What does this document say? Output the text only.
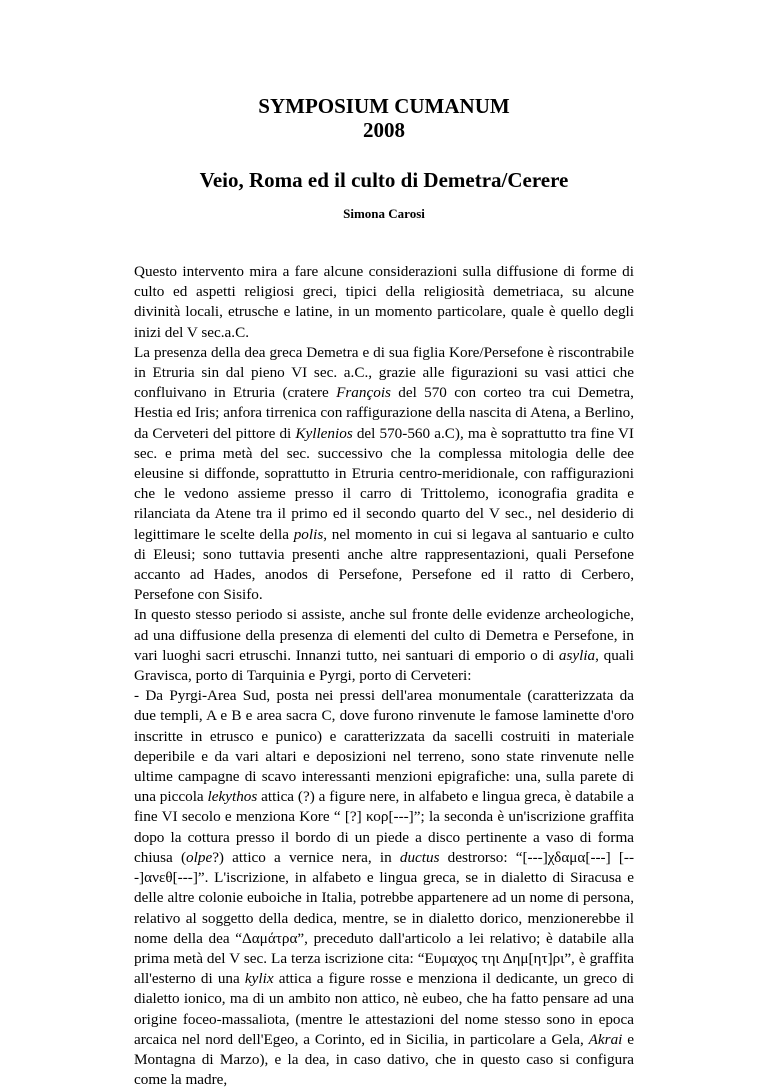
SYMPOSIUM CUMANUM
2008
Veio, Roma ed il culto di Demetra/Cerere
Simona Carosi

Questo intervento mira a fare alcune considerazioni sulla diffusione di forme di culto ed aspetti religiosi greci, tipici della religiosità demetriaca, su alcune divinità locali, etrusche e latine, in un momento particolare, quale è quello degli inizi del V sec.a.C.

La presenza della dea greca Demetra e di sua figlia Kore/Persefone è riscontrabile in Etruria sin dal pieno VI sec. a.C., grazie alle figurazioni su vasi attici che confluivano in Etruria (cratere François del 570 con corteo tra cui Demetra, Hestia ed Iris; anfora tirrenica con raffigurazione della nascita di Atena, a Berlino, da Cerveteri del pittore di Kyllenios del 570-560 a.C), ma è soprattutto tra fine VI sec. e prima metà del sec. successivo che la complessa mitologia delle dee eleusine si diffonde, soprattutto in Etruria centro-meridionale, con raffigurazioni che le vedono assieme presso il carro di Trittolemo, iconografia gradita e rilanciata da Atene tra il primo ed il secondo quarto del V sec., nel desiderio di legittimare le scelte della polis, nel momento in cui si legava al santuario e culto di Eleusi; sono tuttavia presenti anche altre rappresentazioni, quali Persefone accanto ad Hades, anodos di Persefone, Persefone ed il ratto di Cerbero, Persefone con Sisifo.

In questo stesso periodo si assiste, anche sul fronte delle evidenze archeologiche, ad una diffusione della presenza di elementi del culto di Demetra e Persefone, in vari luoghi sacri etruschi. Innanzi tutto, nei santuari di emporio o di asylia, quali Gravisca, porto di Tarquinia e Pyrgi, porto di Cerveteri:

- Da Pyrgi-Area Sud, posta nei pressi dell'area monumentale (caratterizzata da due templi, A e B e area sacra C, dove furono rinvenute le famose laminette d'oro inscritte in etrusco e punico) e caratterizzata da sacelli costruiti in materiale deperibile e da vari altari e deposizioni nel terreno, sono state rinvenute nelle ultime campagne di scavo interessanti menzioni epigrafiche: una, sulla parete di una piccola lekythos attica (?) a figure nere, in alfabeto e lingua greca, è databile a fine VI secolo e menziona Kore “ [?] κορ[---]”; la seconda è un'iscrizione graffita dopo la cottura presso il bordo di un piede a disco pertinente a vaso di forma chiusa (olpe?) attico a vernice nera, in ductus destrorso: “[---]χδαμα[---] [---]ανεθ[---]”. L'iscrizione, in alfabeto e lingua greca, se in dialetto di Siracusa e delle altre colonie euboiche in Italia, potrebbe appartenere ad un nome di persona, relativo al soggetto della dedica, mentre, se in dialetto dorico, menzionerebbe il nome della dea “Δαμάτρα”, preceduto dall'articolo a lei relativo; è databile alla prima metà del V sec. La terza iscrizione cita: “Ευμαχος τηι Δημ[ητ]ρι”, è graffita all'esterno di una kylix attica a figure rosse e menziona il dedicante, un greco di dialetto ionico, ma di un ambito non attico, nè eubeo, che ha fatto pensare ad una origine foceo-massaliota, (mentre le attestazioni del nome stesso sono in epoca arcaica nel nord dell'Egeo, a Corinto, ed in Sicilia, in particolare a Gela, Akrai e Montagna di Marzo), e la dea, in caso dativo, che in questo caso si configura come la madre,
